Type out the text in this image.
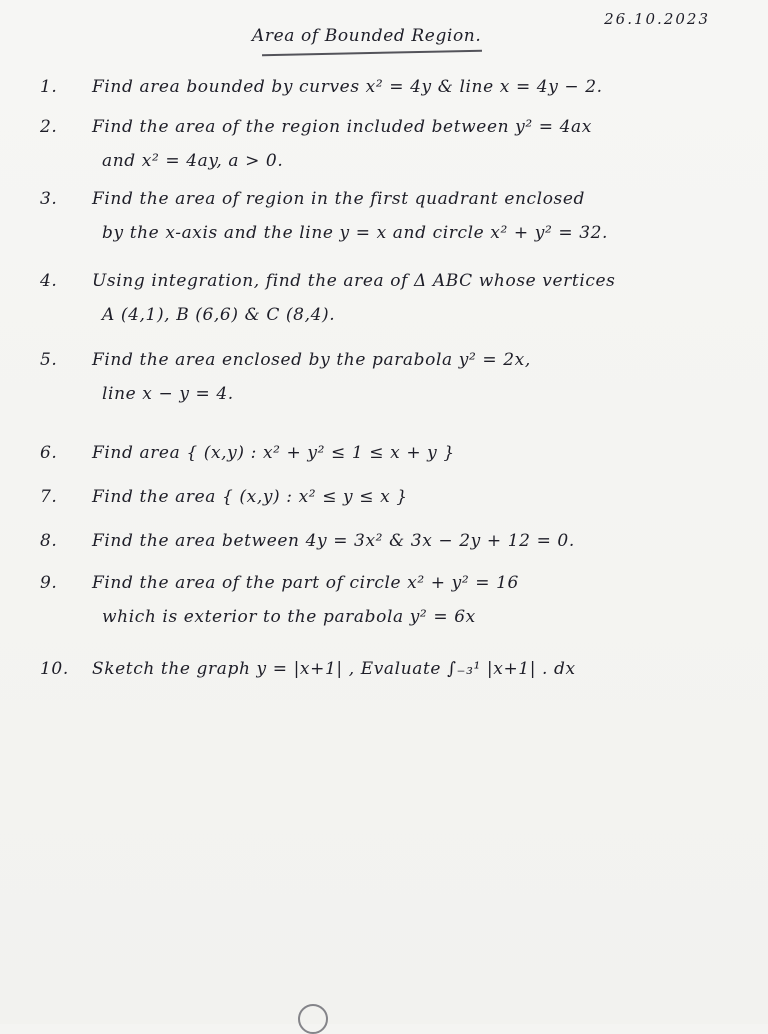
26.10.2023
Area of Bounded Region.
1. Find area bounded by curves x² = 4y & line x = 4y − 2.
2. Find the area of the region included between y² = 4ax
and x² = 4ay, a > 0.
3. Find the area of region in the first quadrant enclosed
by the x-axis and the line y = x and circle x² + y² = 32.
4. Using integration, find the area of Δ ABC whose vertices
A (4,1), B (6,6) & C (8,4).
5. Find the area enclosed by the parabola y² = 2x,
line x − y = 4.
6. Find area { (x,y) : x² + y² ≤ 1 ≤ x + y }
7. Find the area { (x,y) : x² ≤ y ≤ x }
8. Find the area between 4y = 3x² & 3x − 2y + 12 = 0.
9. Find the area of the part of circle x² + y² = 16
which is exterior to the parabola y² = 6x
10. Sketch the graph y = |x+1| , Evaluate ∫₋₃¹ |x+1| . dx
